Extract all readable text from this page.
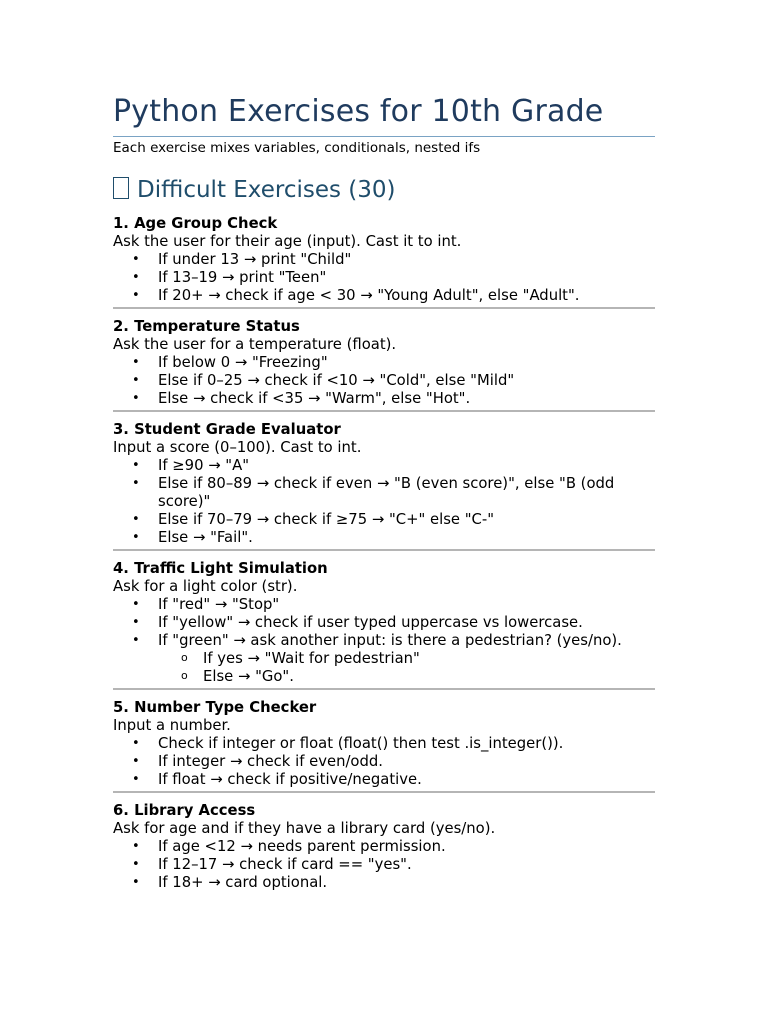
Python Exercises for 10th Grade

Each exercise mixes variables, conditionals, nested ifs

Difficult Exercises (30)

1. Age Group Check

Ask the user for their age (input). Cast it to int.

• If under 13 → print "Child"
• If 13–19 → print "Teen"
• If 20+ → check if age < 30 → "Young Adult", else "Adult".

2. Temperature Status

Ask the user for a temperature (float).

• If below 0 → "Freezing"
• Else if 0–25 → check if <10 → "Cold", else "Mild"
• Else → check if <35 → "Warm", else "Hot".

3. Student Grade Evaluator

Input a score (0–100). Cast to int.

• If ≥90 → "A"
• Else if 80–89 → check if even → "B (even score)", else "B (odd score)"
• Else if 70–79 → check if ≥75 → "C+" else "C-"
• Else → "Fail".

4. Traffic Light Simulation

Ask for a light color (str).

• If "red" → "Stop"
• If "yellow" → check if user typed uppercase vs lowercase.
• If "green" → ask another input: is there a pedestrian? (yes/no).
o If yes → "Wait for pedestrian"
o Else → "Go".

5. Number Type Checker

Input a number.

• Check if integer or float (float() then test .is_integer()).
• If integer → check if even/odd.
• If float → check if positive/negative.

6. Library Access

Ask for age and if they have a library card (yes/no).

• If age <12 → needs parent permission.
• If 12–17 → check if card == "yes".
• If 18+ → card optional.
